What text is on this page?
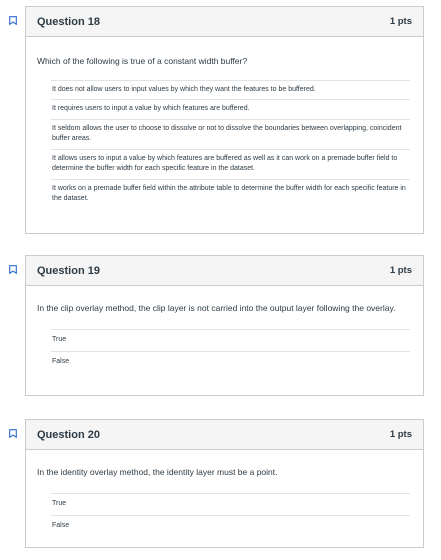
Question 18	1 pts
Which of the following is true of a constant width buffer?
It does not allow users to input values by which they want the features to be buffered.
It requires users to input a value by which features are buffered.
It seldom allows the user to choose to dissolve or not to dissolve the boundaries between overlapping, coincident buffer areas.
It allows users to input a value by which features are buffered as well as it can work on a premade buffer field to determine the buffer width for each specific feature in the dataset.
It works on a premade buffer field within the attribute table to determine the buffer width for each specific feature in the dataset.
Question 19	1 pts
In the clip overlay method, the clip layer is not carried into the output layer following the overlay.
True
False
Question 20	1 pts
In the identity overlay method, the identity layer must be a point.
True
False
